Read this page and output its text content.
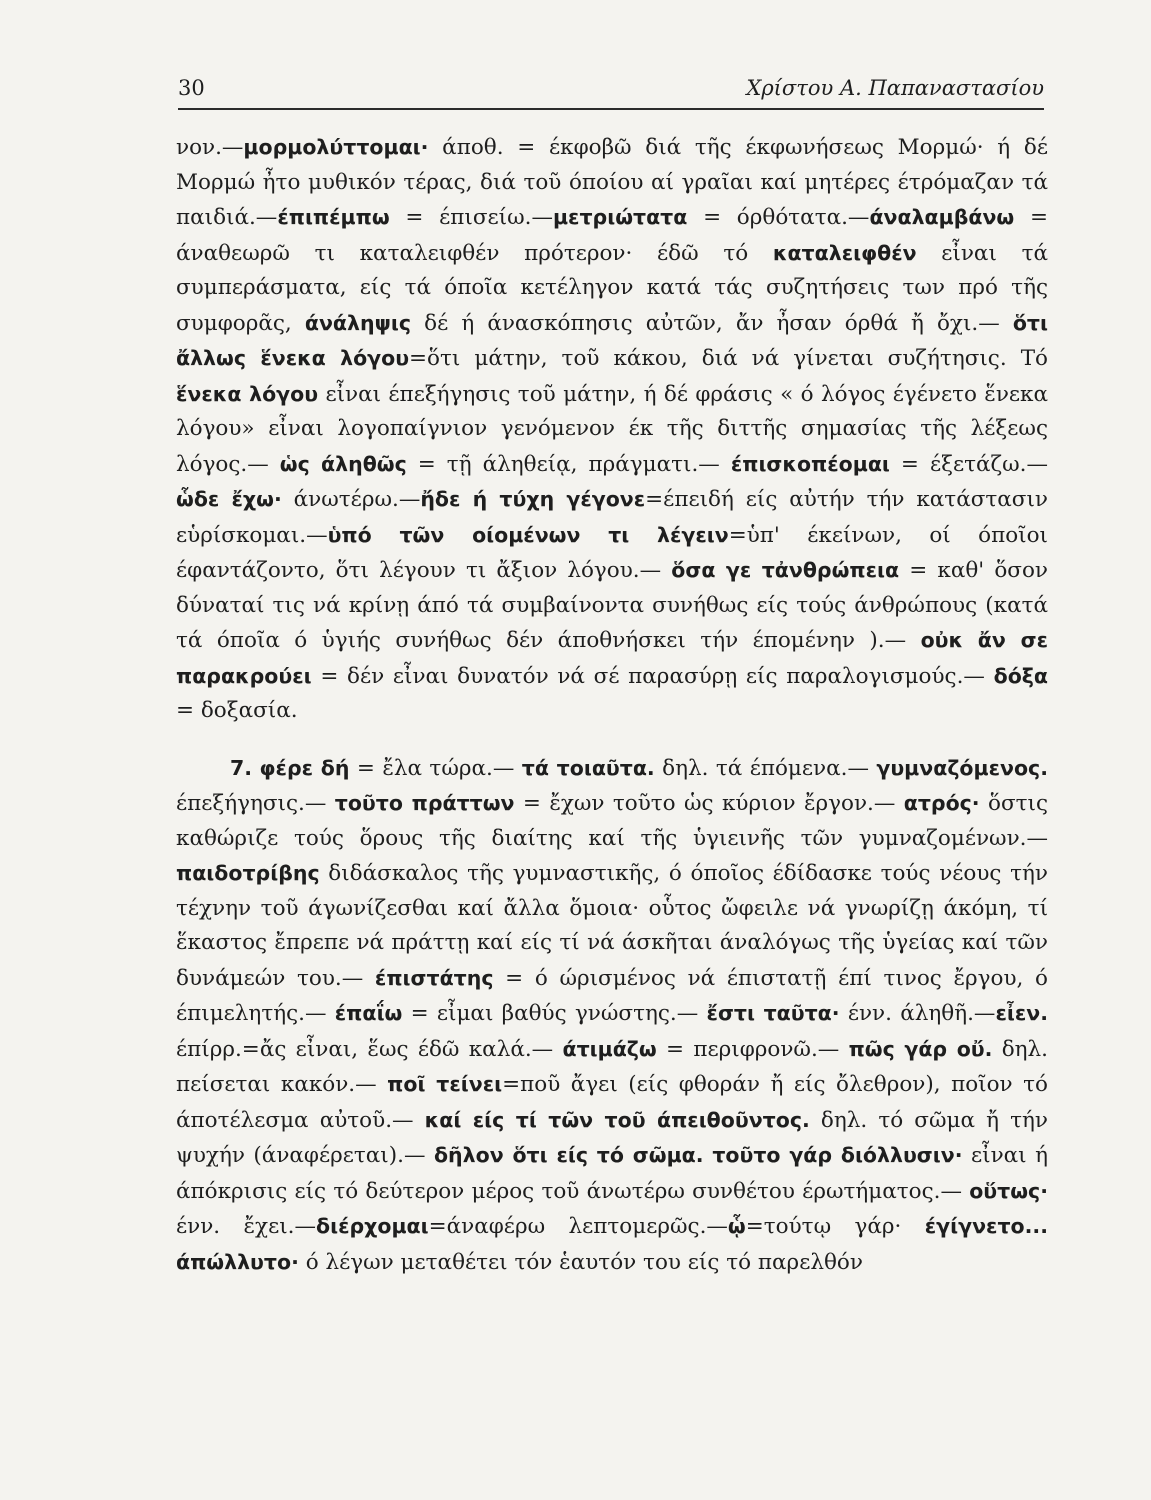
30	Χρίστου Α. Παπαναστασίου

νον.—μορμολύττομαι· άποθ. = έκφοβῶ διά τῆς έκφωνήσεως Μορμώ· ή δέ Μορμώ ἦτο μυθικόν τέρας, διά τοῦ όποίου αί γραῖαι καί μητέρες έτρόμαζαν τά παιδιά.—έπιπέμπω = έπισείω.—μετριώτατα = όρθότατα.—άναλαμβάνω = άναθεωρῶ τι καταλειφθέν πρότερον· έδῶ τό καταλειφθέν εἶναι τά συμπεράσματα, είς τά όποῖα κετέληγον κατά τάς συζητήσεις των πρό τῆς συμφορᾶς, άνάληψις δέ ή άνασκόπησις αὐτῶν, ἄν ἦσαν όρθά ἤ ὄχι.— ὅτι ἄλλως ἕνεκα λόγου=ὅτι μάτην, τοῦ κάκου, διά νά γίνεται συζήτησις. Τό ἕνεκα λόγου εἶναι έπεξήγησις τοῦ μάτην, ή δέ φράσις « ό λόγος έγένετο ἕνεκα λόγου» εἶναι λογοπαίγνιον γενόμενον έκ τῆς διττῆς σημασίας τῆς λέξεως λόγος.— ὡς άληθῶς = τῇ άληθείᾳ, πράγματι.— έπισκοπέομαι = έξετάζω.— ὧδε ἔχω· άνωτέρω.—ἤδε ή τύχη γέγονε=έπειδή είς αὐτήν τήν κατάστασιν εὑρίσκομαι.—ὑπό τῶν οίομένων τι λέγειν=ὑπ' έκείνων, οί όποῖοι έφαντάζοντο, ὅτι λέγουν τι ἄξιον λόγου.— ὅσα γε τἀνθρώπεια = καθ' ὅσον δύναταί τις νά κρίνῃ άπό τά συμβαίνοντα συνήθως είς τούς άνθρώπους (κατά τά όποῖα ό ὑγιής συνήθως δέν άποθνήσκει τήν έπομένην ).— οὐκ ἄν σε παρακρούει = δέν εἶναι δυνατόν νά σέ παρασύρῃ είς παραλογισμούς.— δόξα = δοξασία.

7. φέρε δή = ἔλα τώρα.— τά τοιαῦτα. δηλ. τά έπόμενα.— γυμναζόμενος. έπεξήγησις.— τοῦτο πράττων = ἔχων τοῦτο ὡς κύριον ἔργον.— ατρός· ὅστις καθώριζε τούς ὅρους τῆς διαίτης καί τῆς ὑγιεινῆς τῶν γυμναζομένων.— παιδοτρίβης διδάσκαλος τῆς γυμναστικῆς, ό όποῖος έδίδασκε τούς νέους τήν τέχνην τοῦ άγωνίζεσθαι καί ἄλλα ὅμοια· οὗτος ὤφειλε νά γνωρίζῃ άκόμη, τί ἕκαστος ἔπρεπε νά πράττῃ καί είς τί νά άσκῆται άναλόγως τῆς ὑγείας καί τῶν δυνάμεών του.— έπιστάτης = ό ώρισμένος νά έπιστατῇ έπί τινος ἔργου, ό έπιμελητής.— έπαΐω = εἶμαι βαθύς γνώστης.— ἔστι ταῦτα· ένν. άληθῆ.—εἶεν. έπίρρ.=ἄς εἶναι, ἕως έδῶ καλά.— άτιμάζω = περιφρονῶ.— πῶς γάρ οὔ. δηλ. πείσεται κακόν.— ποῖ τείνει=ποῦ ἄγει (είς φθοράν ἤ είς ὄλεθρον), ποῖον τό άποτέλεσμα αὐτοῦ.— καί είς τί τῶν τοῦ άπειθοῦντος. δηλ. τό σῶμα ἤ τήν ψυχήν (άναφέρεται).— δῆλον ὅτι είς τό σῶμα. τοῦτο γάρ διόλλυσιν· εἶναι ή άπόκρισις είς τό δεύτερον μέρος τοῦ άνωτέρω συνθέτου έρωτήματος.— οὕτως· ένν. ἔχει.—διέρχομαι=άναφέρω λεπτομερῶς.—ᾧ=τούτῳ γάρ· έγίγνετο... άπώλλυτο· ό λέγων μεταθέτει τόν ἑαυτόν του είς τό παρελθόν
